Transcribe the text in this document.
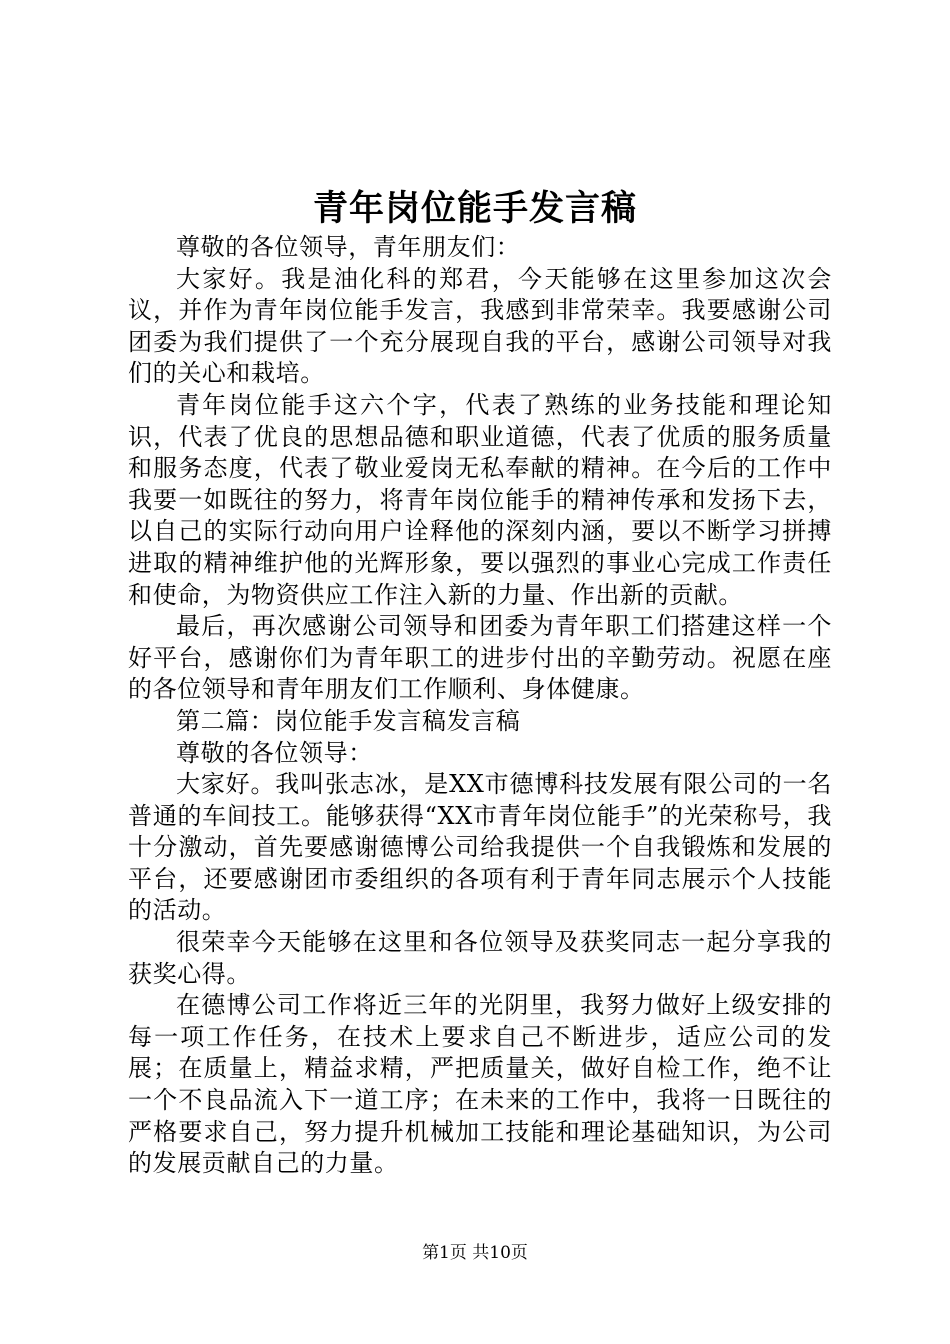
青年岗位能手发言稿

尊敬的各位领导，青年朋友们：

大家好。我是油化科的郑君，今天能够在这里参加这次会议，并作为青年岗位能手发言，我感到非常荣幸。我要感谢公司团委为我们提供了一个充分展现自我的平台，感谢公司领导对我们的关心和栽培。

青年岗位能手这六个字，代表了熟练的业务技能和理论知识，代表了优良的思想品德和职业道德，代表了优质的服务质量和服务态度，代表了敬业爱岗无私奉献的精神。在今后的工作中我要一如既往的努力，将青年岗位能手的精神传承和发扬下去，以自己的实际行动向用户诠释他的深刻内涵，要以不断学习拼搏进取的精神维护他的光辉形象，要以强烈的事业心完成工作责任和使命，为物资供应工作注入新的力量、作出新的贡献。

最后，再次感谢公司领导和团委为青年职工们搭建这样一个好平台，感谢你们为青年职工的进步付出的辛勤劳动。祝愿在座的各位领导和青年朋友们工作顺利、身体健康。

第二篇：岗位能手发言稿发言稿

尊敬的各位领导：

大家好。我叫张志冰，是XX市德博科技发展有限公司的一名普通的车间技工。能够获得“XX市青年岗位能手”的光荣称号，我十分激动，首先要感谢德博公司给我提供一个自我锻炼和发展的平台，还要感谢团市委组织的各项有利于青年同志展示个人技能的活动。

很荣幸今天能够在这里和各位领导及获奖同志一起分享我的获奖心得。

在德博公司工作将近三年的光阴里，我努力做好上级安排的每一项工作任务，在技术上要求自己不断进步，适应公司的发展；在质量上，精益求精，严把质量关，做好自检工作，绝不让一个不良品流入下一道工序；在未来的工作中，我将一日既往的严格要求自己，努力提升机械加工技能和理论基础知识，为公司的发展贡献自己的力量。

第1页 共10页
